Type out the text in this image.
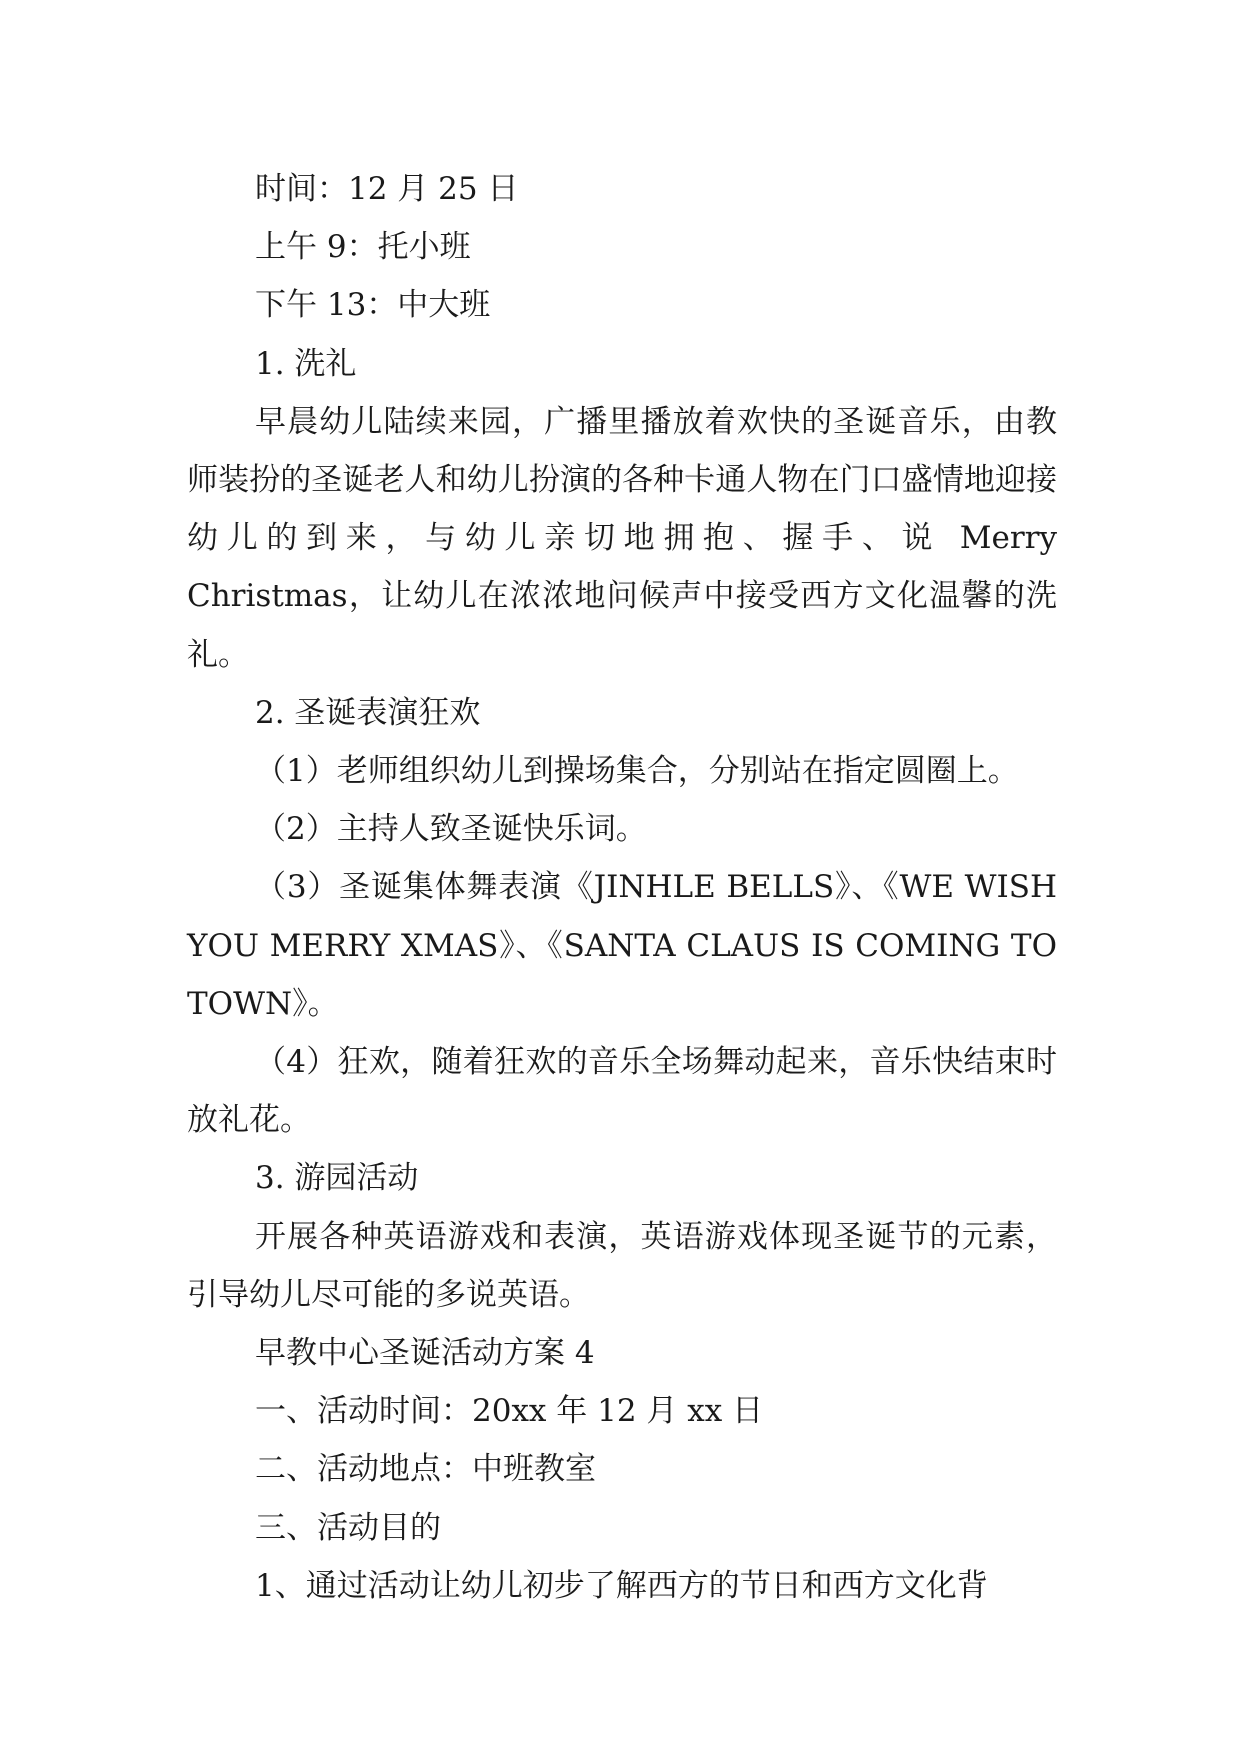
时间：12 月 25 日

上午 9：托小班

下午 13：中大班

1. 洗礼

早晨幼儿陆续来园，广播里播放着欢快的圣诞音乐，由教师装扮的圣诞老人和幼儿扮演的各种卡通人物在门口盛情地迎接幼儿的到来，与幼儿亲切地拥抱、握手、说 Merry Christmas，让幼儿在浓浓地问候声中接受西方文化温馨的洗礼。

2. 圣诞表演狂欢

（1）老师组织幼儿到操场集合，分别站在指定圆圈上。

（2）主持人致圣诞快乐词。

（3）圣诞集体舞表演《JINHLE BELLS》、《WE WISH YOU MERRY XMAS》、《SANTA CLAUS IS COMING TO TOWN》。

（4）狂欢，随着狂欢的音乐全场舞动起来，音乐快结束时放礼花。

3. 游园活动

开展各种英语游戏和表演，英语游戏体现圣诞节的元素，引导幼儿尽可能的多说英语。

早教中心圣诞活动方案 4

一、活动时间：20xx 年 12 月 xx 日

二、活动地点：中班教室

三、活动目的

1、通过活动让幼儿初步了解西方的节日和西方文化背
